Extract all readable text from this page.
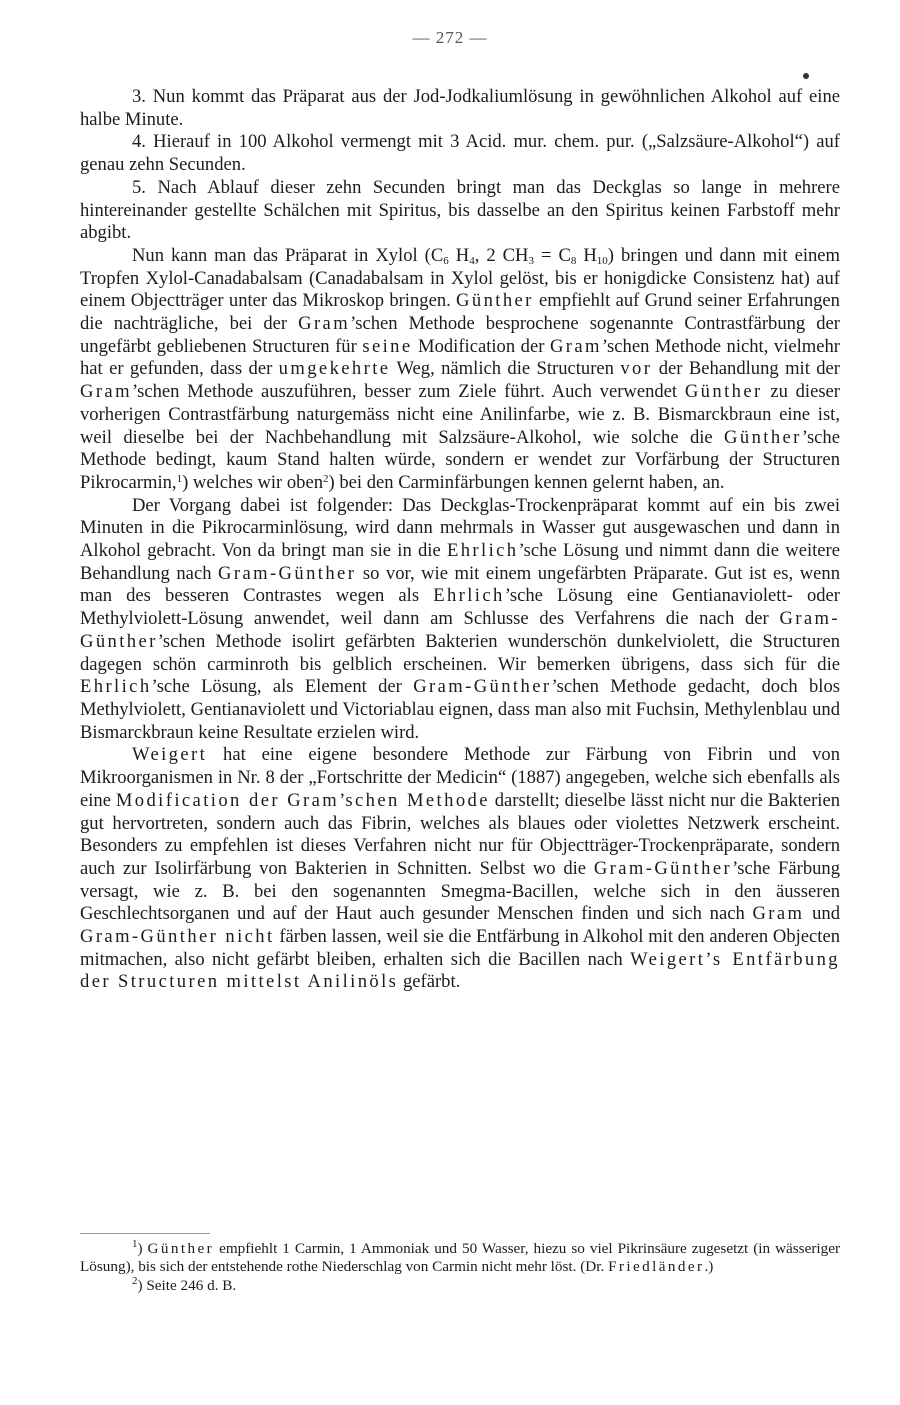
— 272 —

3. Nun kommt das Präparat aus der Jod-Jodkaliumlösung in gewöhnlichen Alkohol auf eine halbe Minute.

4. Hierauf in 100 Alkohol vermengt mit 3 Acid. mur. chem. pur. („Salzsäure-Alkohol“) auf genau zehn Secunden.

5. Nach Ablauf dieser zehn Secunden bringt man das Deckglas so lange in mehrere hintereinander gestellte Schälchen mit Spiritus, bis dasselbe an den Spiritus keinen Farbstoff mehr abgibt.

Nun kann man das Präparat in Xylol ($C_6$ $H_4$, 2 $CH_3 = C_8$ $H_{10}$) bringen und dann mit einem Tropfen Xylol-Canadabalsam (Canadabalsam in Xylol gelöst, bis er honigdicke Consistenz hat) auf einem Objectträger unter das Mikroskop bringen. Günther empfiehlt auf Grund seiner Erfahrungen die nachträgliche, bei der Gram’schen Methode besprochene sogenannte Contrastfärbung der ungefärbt gebliebenen Structuren für seine Modification der Gram’schen Methode nicht, vielmehr hat er gefunden, dass der umgekehrte Weg, nämlich die Structuren vor der Behandlung mit der Gram’schen Methode auszuführen, besser zum Ziele führt. Auch verwendet Günther zu dieser vorherigen Contrastfärbung naturgemäss nicht eine Anilinfarbe, wie z. B. Bismarckbraun eine ist, weil dieselbe bei der Nachbehandlung mit Salzsäure-Alkohol, wie solche die Günther’sche Methode bedingt, kaum Stand halten würde, sondern er wendet zur Vorfärbung der Structuren Pikrocarmin,$^1$) welches wir oben$^2$) bei den Carminfärbungen kennen gelernt haben, an.

Der Vorgang dabei ist folgender: Das Deckglas-Trockenpräparat kommt auf ein bis zwei Minuten in die Pikrocarminlösung, wird dann mehrmals in Wasser gut ausgewaschen und dann in Alkohol gebracht. Von da bringt man sie in die Ehrlich’sche Lösung und nimmt dann die weitere Behandlung nach Gram-Günther so vor, wie mit einem ungefärbten Präparate. Gut ist es, wenn man des besseren Contrastes wegen als Ehrlich’sche Lösung eine Gentianaviolett- oder Methylviolett-Lösung anwendet, weil dann am Schlusse des Verfahrens die nach der Gram-Günther’schen Methode isolirt gefärbten Bakterien wunderschön dunkelviolett, die Structuren dagegen schön carminroth bis gelblich erscheinen. Wir bemerken übrigens, dass sich für die Ehrlich’sche Lösung, als Element der Gram-Günther’schen Methode gedacht, doch blos Methylviolett, Gentianaviolett und Victoriablau eignen, dass man also mit Fuchsin, Methylenblau und Bismarckbraun keine Resultate erzielen wird.

Weigert hat eine eigene besondere Methode zur Färbung von Fibrin und von Mikroorganismen in Nr. 8 der „Fortschritte der Medicin“ (1887) angegeben, welche sich ebenfalls als eine Modification der Gram’schen Methode darstellt; dieselbe lässt nicht nur die Bakterien gut hervortreten, sondern auch das Fibrin, welches als blaues oder violettes Netzwerk erscheint. Besonders zu empfehlen ist dieses Verfahren nicht nur für Objectträger-Trockenpräparate, sondern auch zur Isolirfärbung von Bakterien in Schnitten. Selbst wo die Gram-Günther’sche Färbung versagt, wie z. B. bei den sogenannten Smegma-Bacillen, welche sich in den äusseren Geschlechtsorganen und auf der Haut auch gesunder Menschen finden und sich nach Gram und Gram-Günther nicht färben lassen, weil sie die Entfärbung in Alkohol mit den anderen Objecten mitmachen, also nicht gefärbt bleiben, erhalten sich die Bacillen nach Weigert’s Entfärbung der Structuren mittelst Anilinöls gefärbt.

$^1$) Günther empfiehlt 1 Carmin, 1 Ammoniak und 50 Wasser, hiezu so viel Pikrinsäure zugesetzt (in wässeriger Lösung), bis sich der entstehende rothe Niederschlag von Carmin nicht mehr löst. (Dr. Friedländer.)

$^2$) Seite 246 d. B.
